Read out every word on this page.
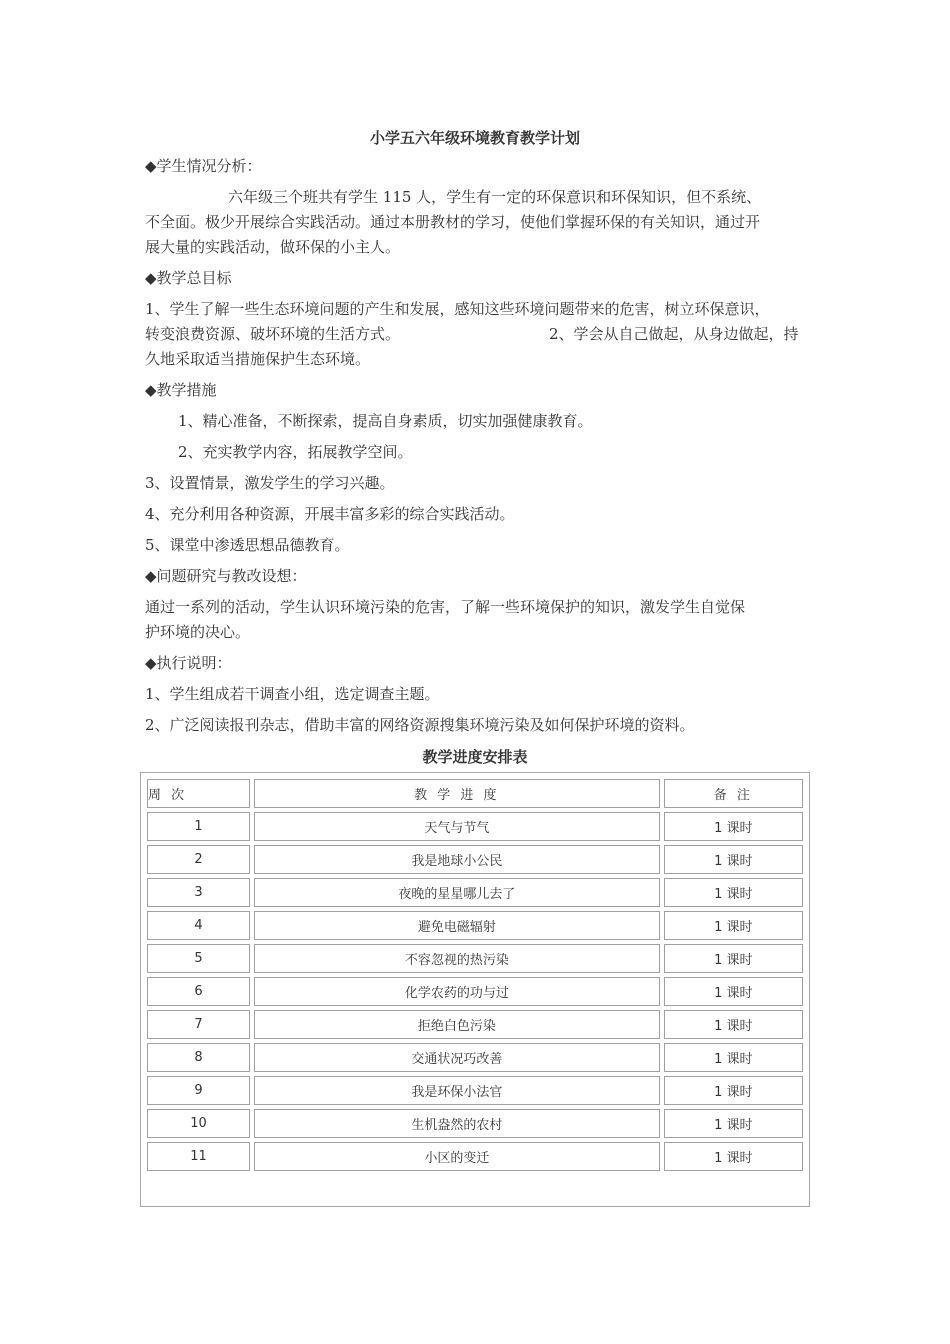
小学五六年级环境教育教学计划
◆学生情况分析：
六年级三个班共有学生 115 人，学生有一定的环保意识和环保知识，但不系统、
不全面。极少开展综合实践活动。通过本册教材的学习，使他们掌握环保的有关知识，通过开
展大量的实践活动，做环保的小主人。
◆教学总目标
1、学生了解一些生态环境问题的产生和发展，感知这些环境问题带来的危害，树立环保意识，
转变浪费资源、破坏环境的生活方式。	2、学会从自己做起，从身边做起，持
久地采取适当措施保护生态环境。
◆教学措施
1、精心准备，不断探索，提高自身素质，切实加强健康教育。
2、充实教学内容，拓展教学空间。
3、设置情景，激发学生的学习兴趣。
4、充分利用各种资源，开展丰富多彩的综合实践活动。
5、课堂中渗透思想品德教育。
◆问题研究与教改设想：
通过一系列的活动，学生认识环境污染的危害，了解一些环境保护的知识，激发学生自觉保
护环境的决心。
◆执行说明：
1、学生组成若干调查小组，选定调查主题。
2、广泛阅读报刊杂志，借助丰富的网络资源搜集环境污染及如何保护环境的资料。
教学进度安排表
周 次	教 学 进 度	备 注
1	天气与节气	1 课时
2	我是地球小公民	1 课时
3	夜晚的星星哪儿去了	1 课时
4	避免电磁辐射	1 课时
5	不容忽视的热污染	1 课时
6	化学农药的功与过	1 课时
7	拒绝白色污染	1 课时
8	交通状况巧改善	1 课时
9	我是环保小法官	1 课时
10	生机盎然的农村	1 课时
11	小区的变迁	1 课时
